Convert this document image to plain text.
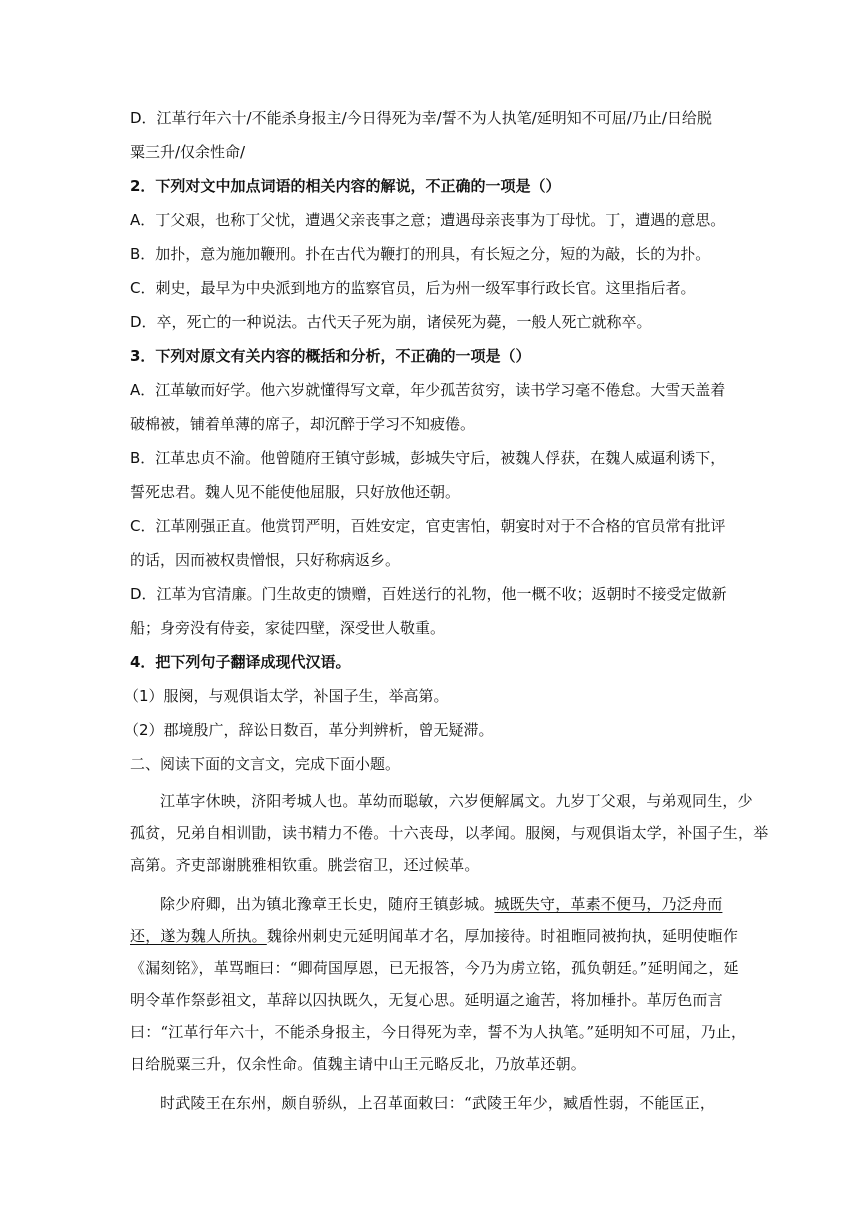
D．江革行年六十/不能杀身报主/今日得死为幸/誓不为人执笔/延明知不可屈/乃止/日给脱
粟三升/仅余性命/
2．下列对文中加点词语的相关内容的解说，不正确的一项是（）
A．丁父艰，也称丁父忧，遭遇父亲丧事之意；遭遇母亲丧事为丁母忧。丁，遭遇的意思。
B．加扑，意为施加鞭刑。扑在古代为鞭打的刑具，有长短之分，短的为敲，长的为扑。
C．刺史，最早为中央派到地方的监察官员，后为州一级军事行政长官。这里指后者。
D．卒，死亡的一种说法。古代天子死为崩，诸侯死为薨，一般人死亡就称卒。
3．下列对原文有关内容的概括和分析，不正确的一项是（）
A．江革敏而好学。他六岁就懂得写文章，年少孤苦贫穷，读书学习毫不倦怠。大雪天盖着
破棉被，铺着单薄的席子，却沉醉于学习不知疲倦。
B．江革忠贞不渝。他曾随府王镇守彭城，彭城失守后，被魏人俘获，在魏人威逼利诱下，
誓死忠君。魏人见不能使他屈服，只好放他还朝。
C．江革刚强正直。他赏罚严明，百姓安定，官吏害怕，朝宴时对于不合格的官员常有批评
的话，因而被权贵憎恨，只好称病返乡。
D．江革为官清廉。门生故吏的馈赠，百姓送行的礼物，他一概不收；返朝时不接受定做新
船；身旁没有侍妾，家徒四壁，深受世人敬重。
4．把下列句子翻译成现代汉语。
（1）服阕，与观俱诣太学，补国子生，举高第。
（2）郡境殷广，辞讼日数百，革分判辨析，曾无疑滞。
二、阅读下面的文言文，完成下面小题。
江革字休映，济阳考城人也。革幼而聪敏，六岁便解属文。九岁丁父艰，与弟观同生，少
孤贫，兄弟自相训勖，读书精力不倦。十六丧母，以孝闻。服阕，与观俱诣太学，补国子生，举
高第。齐吏部谢朓雅相钦重。朓尝宿卫，还过候革。
除少府卿，出为镇北豫章王长史，随府王镇彭城。城既失守，革素不便马，乃泛舟而
还，遂为魏人所执。魏徐州刺史元延明闻革才名，厚加接待。时祖暅同被拘执，延明使暅作
《漏刻铭》，革骂暅曰：“卿荷国厚恩，已无报答，今乃为虏立铭，孤负朝廷。”延明闻之，延
明令革作祭彭祖文，革辞以囚执既久，无复心思。延明逼之逾苦，将加棰扑。革厉色而言
曰：“江革行年六十，不能杀身报主，今日得死为幸，誓不为人执笔。”延明知不可屈，乃止，
日给脱粟三升，仅余性命。值魏主请中山王元略反北，乃放革还朝。
时武陵王在东州，颇自骄纵，上召革面敕曰：“武陵王年少，臧盾性弱，不能匡正，
